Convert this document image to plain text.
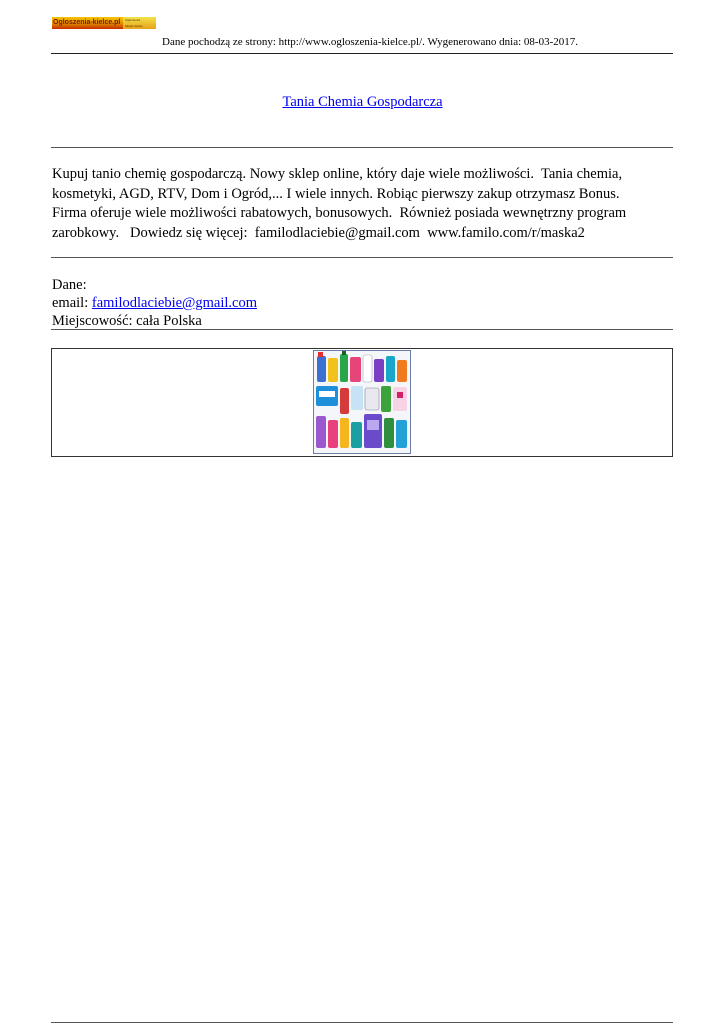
Ogloszenia-kielce.pl	Ogłoszenia
Miasto Kielce
Dane pochodzą ze strony: http://www.ogloszenia-kielce.pl/. Wygenerowano dnia: 08-03-2017.
Tania Chemia Gospodarcza
Kupuj tanio chemię gospodarczą. Nowy sklep online, który daje wiele możliwości.  Tania chemia,
kosmetyki, AGD, RTV, Dom i Ogród,... I wiele innych. Robiąc pierwszy zakup otrzymasz Bonus.
Firma oferuje wiele możliwości rabatowych, bonusowych.  Również posiada wewnętrzny program
zarobkowy.   Dowiedz się więcej:  familodlaciebie@gmail.com  www.familo.com/r/maska2
Dane:
email: familodlaciebie@gmail.com
Miejscowość: cała Polska
